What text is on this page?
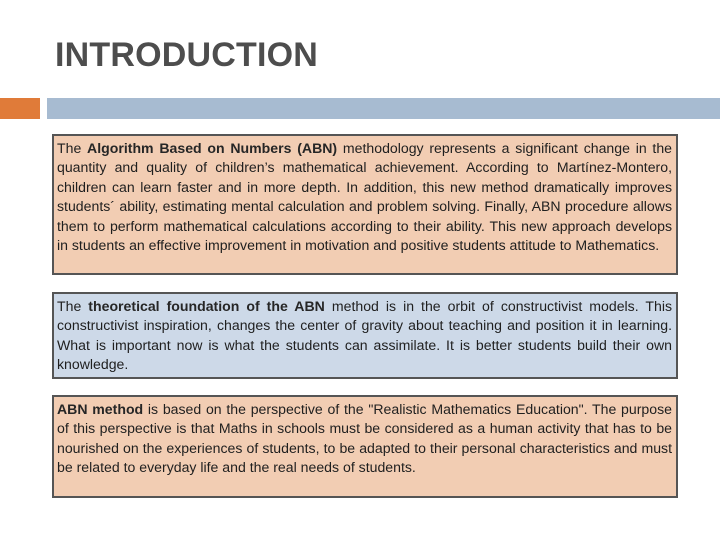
INTRODUCTION

The Algorithm Based on Numbers (ABN) methodology represents a significant change in the quantity and quality of children’s mathematical achievement. According to Martínez-Montero, children can learn faster and in more depth. In addition, this new method dramatically improves students´ ability, estimating mental calculation and problem solving. Finally, ABN procedure allows them to perform mathematical calculations according to their ability. This new approach develops in students an effective improvement in motivation and positive students attitude to Mathematics.

The theoretical foundation of the ABN method is in the orbit of constructivist models. This constructivist inspiration, changes the center of gravity about teaching and position it in learning. What is important now is what the students can assimilate. It is better students build their own knowledge.

ABN method is based on the perspective of the "Realistic Mathematics Education". The purpose of this perspective is that Maths in schools must be considered as a human activity that has to be nourished on the experiences of students, to be adapted to their personal characteristics and must be related to everyday life and the real needs of students.
